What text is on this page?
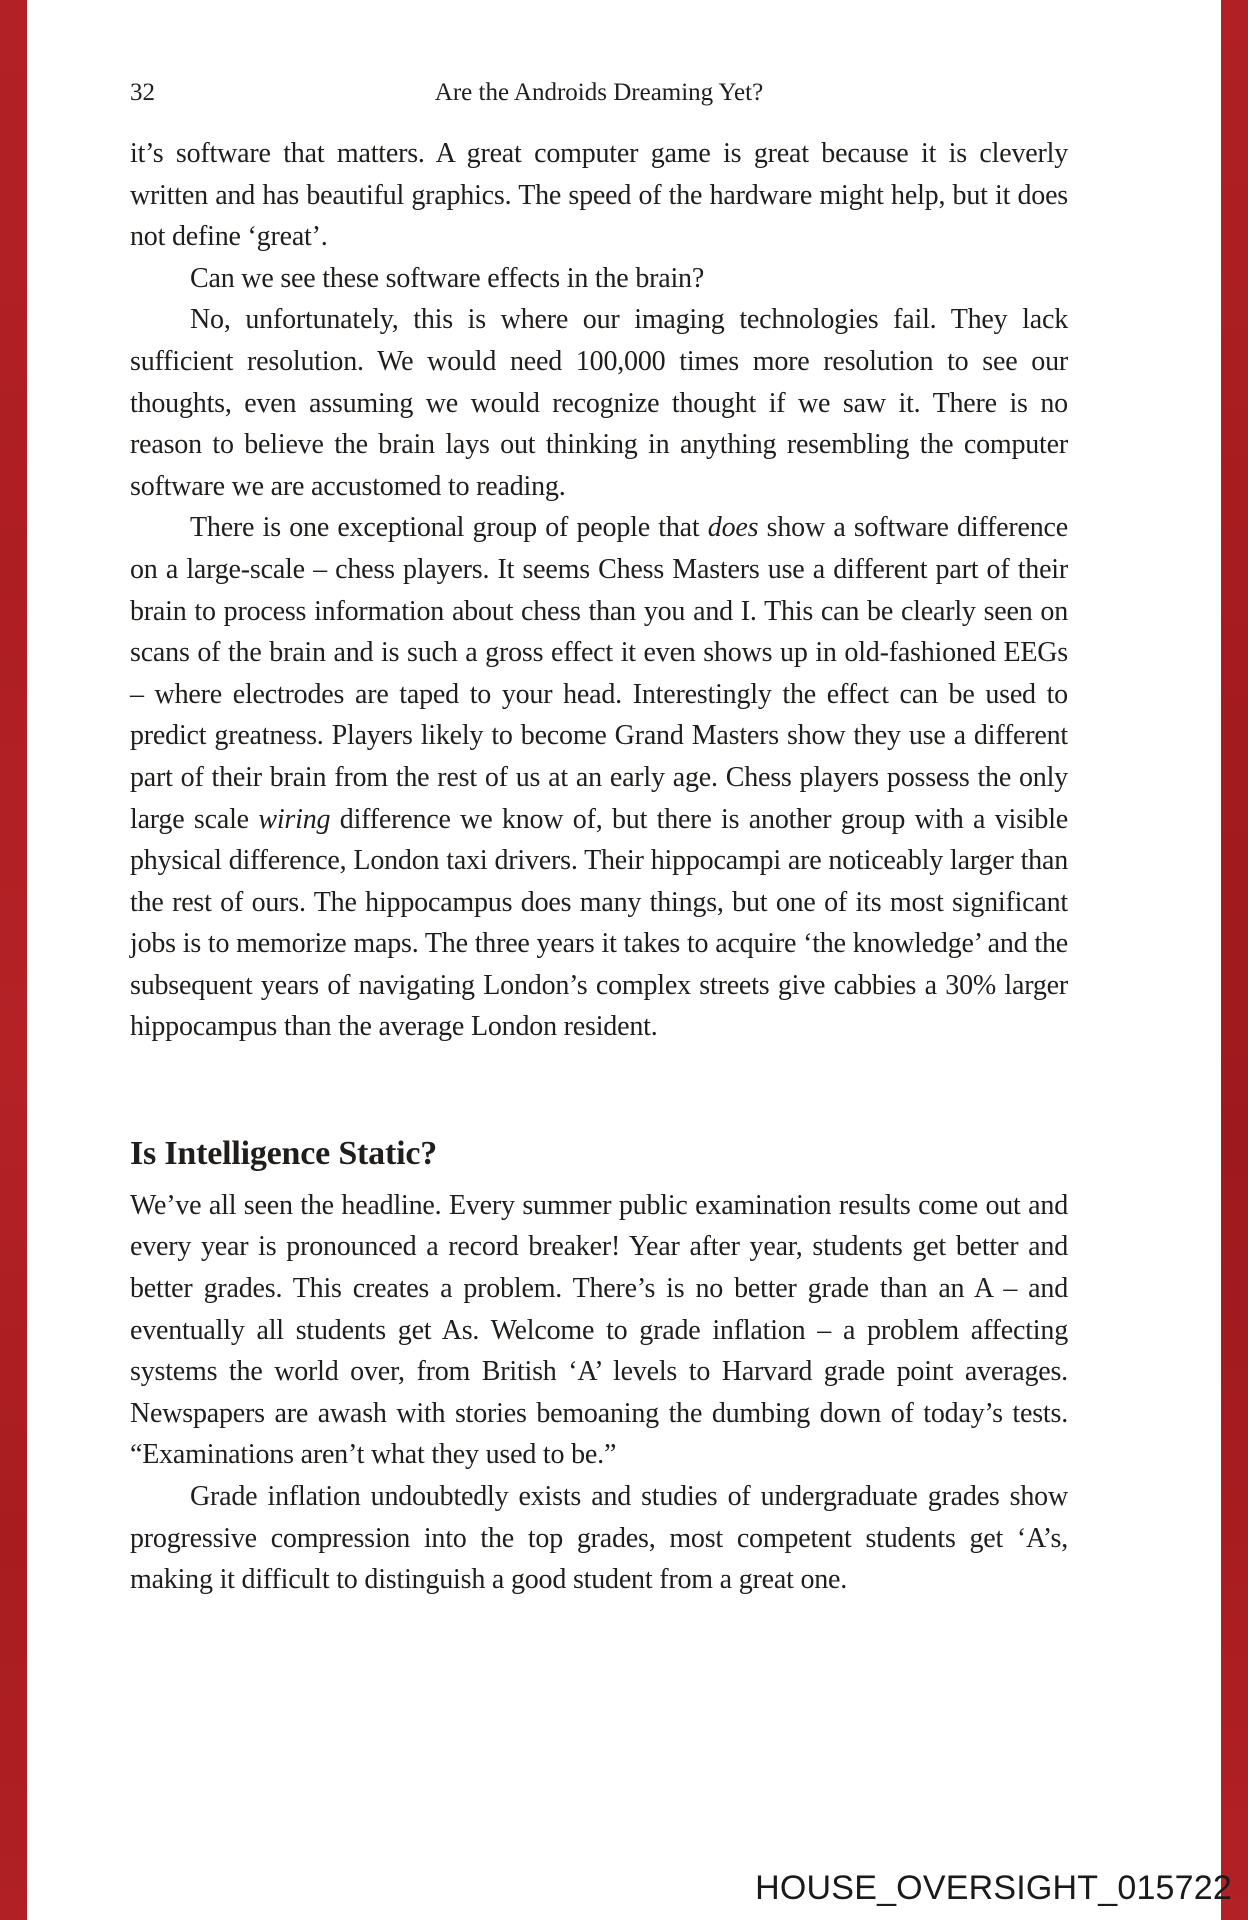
32	Are the Androids Dreaming Yet?

it’s software that matters. A great computer game is great because it is cleverly written and has beautiful graphics. The speed of the hardware might help, but it does not define ‘great’.

Can we see these software effects in the brain?

No, unfortunately, this is where our imaging technologies fail. They lack sufficient resolution. We would need 100,000 times more resolution to see our thoughts, even assuming we would recognize thought if we saw it. There is no reason to believe the brain lays out thinking in anything resembling the computer software we are accustomed to reading.

There is one exceptional group of people that does show a software difference on a large-scale – chess players. It seems Chess Masters use a different part of their brain to process information about chess than you and I. This can be clearly seen on scans of the brain and is such a gross effect it even shows up in old-fashioned EEGs – where electrodes are taped to your head. Interestingly the effect can be used to predict greatness. Players likely to become Grand Masters show they use a different part of their brain from the rest of us at an early age. Chess players possess the only large scale wiring difference we know of, but there is another group with a visible physical difference, London taxi drivers. Their hippocampi are noticeably larger than the rest of ours. The hippocampus does many things, but one of its most significant jobs is to memorize maps. The three years it takes to acquire ‘the knowledge’ and the subsequent years of navigating London’s complex streets give cabbies a 30% larger hippocampus than the average London resident.

Is Intelligence Static?

We’ve all seen the headline. Every summer public examination results come out and every year is pronounced a record breaker! Year after year, students get better and better grades. This creates a problem. There’s is no better grade than an A – and eventually all students get As. Welcome to grade inflation – a problem affecting systems the world over, from British ‘A’ levels to Harvard grade point averages. Newspapers are awash with stories bemoaning the dumbing down of today’s tests. “Examinations aren’t what they used to be.”

Grade inflation undoubtedly exists and studies of undergraduate grades show progressive compression into the top grades, most competent students get ‘A’s, making it difficult to distinguish a good student from a great one.

HOUSE_OVERSIGHT_015722
